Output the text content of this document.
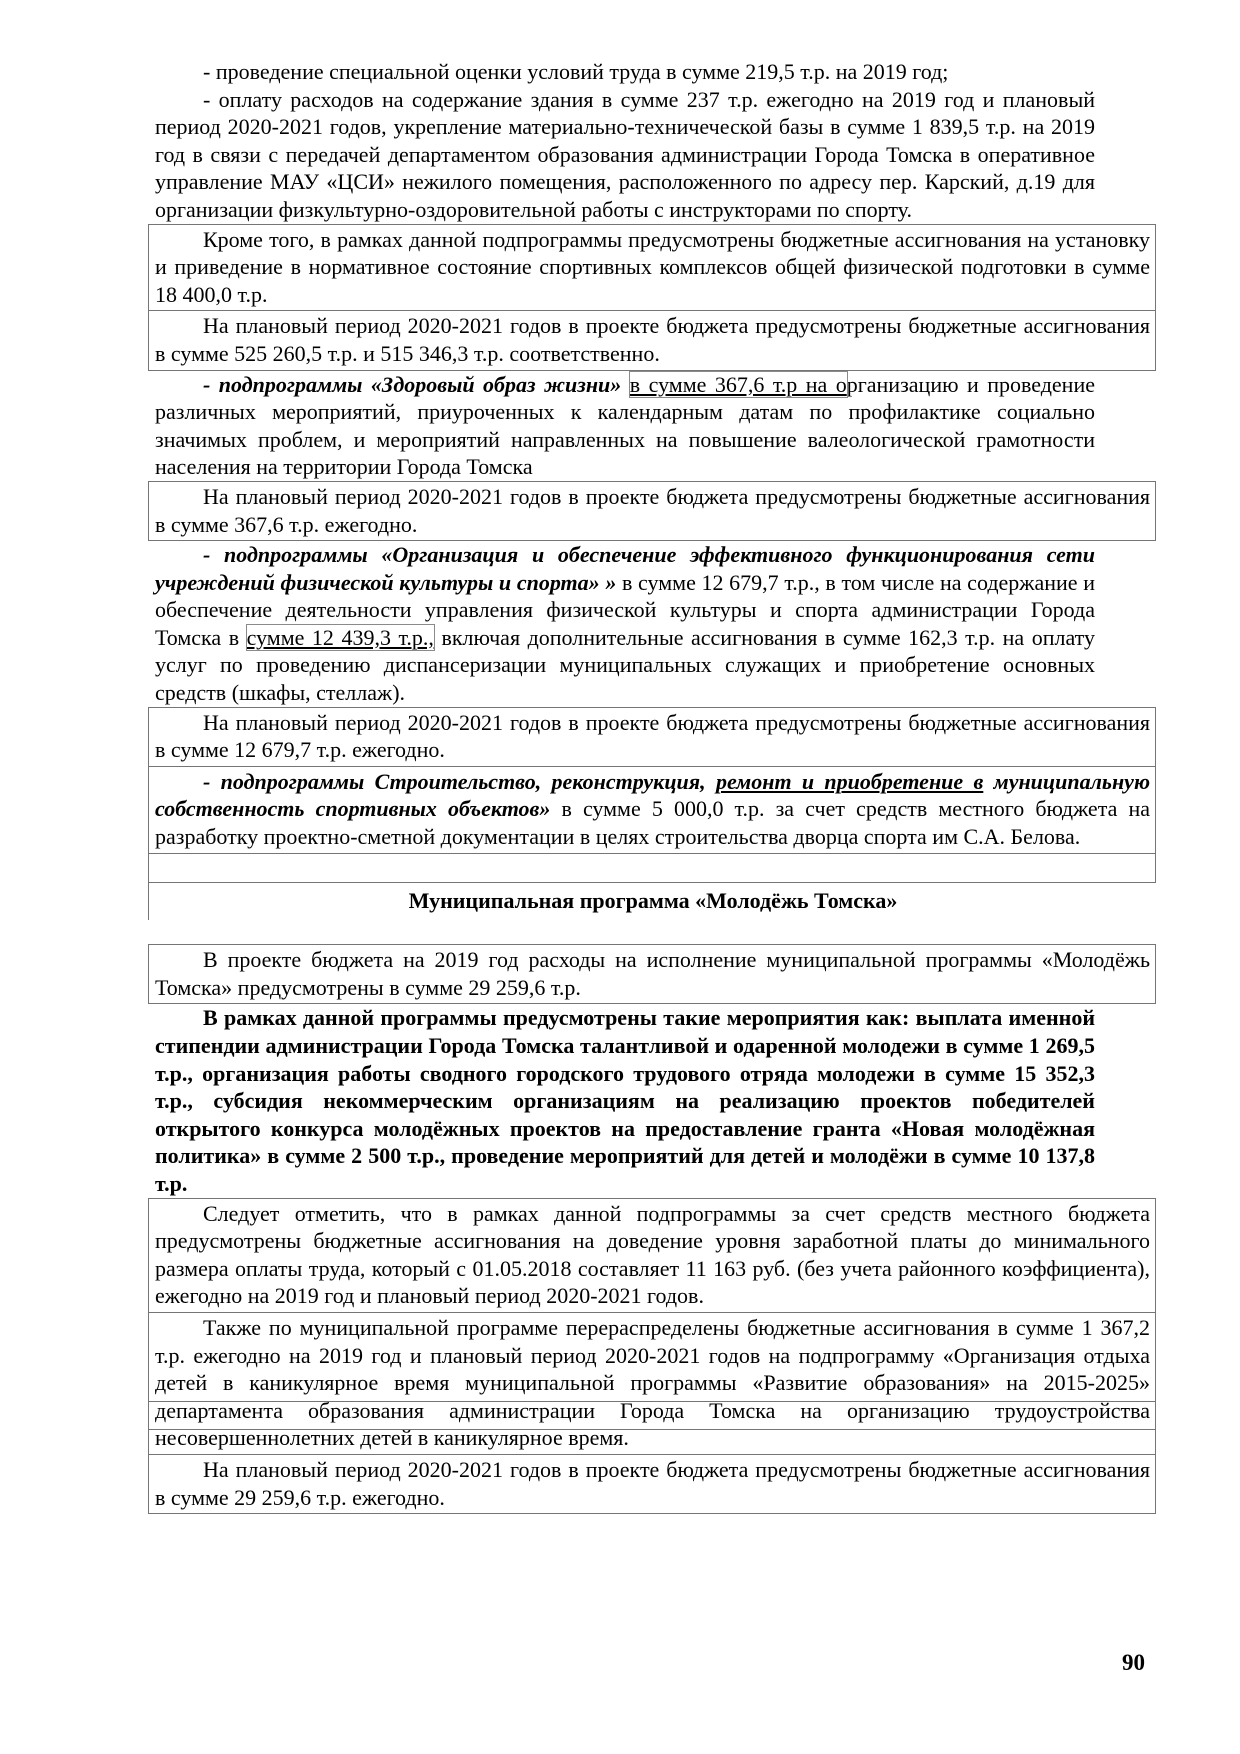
- проведение специальной оценки условий труда в сумме 219,5 т.р. на 2019 год;

- оплату расходов на содержание здания в сумме 237 т.р. ежегодно на 2019 год и плановый период 2020-2021 годов, укрепление материально-техничеческой базы в сумме 1 839,5 т.р. на 2019 год в связи с передачей департаментом образования администрации Города Томска в оперативное управление МАУ «ЦСИ» нежилого помещения, расположенного по адресу пер. Карский, д.19 для организации физкультурно-оздоровительной работы с инструкторами по спорту.

Кроме того, в рамках данной подпрограммы предусмотрены бюджетные ассигнования на установку и приведение в нормативное состояние спортивных комплексов общей физической подготовки в сумме 18 400,0 т.р.

На плановый период 2020-2021 годов в проекте бюджета предусмотрены бюджетные ассигнования в сумме 525 260,5 т.р. и 515 346,3 т.р. соответственно.

- подпрограммы «Здоровый образ жизни» в сумме 367,6 т.р на организацию и проведение различных мероприятий, приуроченных к календарным датам по профилактике социально значимых проблем, и мероприятий направленных на повышение валеологической грамотности населения на территории Города Томска

На плановый период 2020-2021 годов в проекте бюджета предусмотрены бюджетные ассигнования в сумме 367,6 т.р. ежегодно.

- подпрограммы «Организация и обеспечение эффективного функционирования сети учреждений физической культуры и спорта» » в сумме 12 679,7 т.р., в том числе на содержание и обеспечение деятельности управления физической культуры и спорта администрации Города Томска в сумме 12 439,3 т.р., включая дополнительные ассигнования в сумме 162,3 т.р. на оплату услуг по проведению диспансеризации муниципальных служащих и приобретение основных средств (шкафы, стеллаж).

На плановый период 2020-2021 годов в проекте бюджета предусмотрены бюджетные ассигнования в сумме 12 679,7 т.р. ежегодно.

- подпрограммы Строительство, реконструкция, ремонт и приобретение в муниципальную собственность спортивных объектов» в сумме 5 000,0 т.р. за счет средств местного бюджета на разработку проектно-сметной документации в целях строительства дворца спорта им С.А. Белова.

Муниципальная программа «Молодёжь Томска»

В проекте бюджета на 2019 год расходы на исполнение муниципальной программы «Молодёжь Томска» предусмотрены в сумме 29 259,6 т.р.

В рамках данной программы предусмотрены такие мероприятия как: выплата именной стипендии администрации Города Томска талантливой и одаренной молодежи в сумме 1 269,5 т.р., организация работы сводного городского трудового отряда молодежи в сумме 15 352,3 т.р., субсидия некоммерческим организациям на реализацию проектов победителей открытого конкурса молодёжных проектов на предоставление гранта «Новая молодёжная политика» в сумме 2 500 т.р., проведение мероприятий для детей и молодёжи в сумме 10 137,8 т.р.

Следует отметить, что в рамках данной подпрограммы за счет средств местного бюджета предусмотрены бюджетные ассигнования на доведение уровня заработной платы до минимального размера оплаты труда, который с 01.05.2018 составляет 11 163 руб. (без учета районного коэффициента), ежегодно на 2019 год и плановый период 2020-2021 годов.

Также по муниципальной программе перераспределены бюджетные ассигнования в сумме 1 367,2 т.р. ежегодно на 2019 год и плановый период 2020-2021 годов на подпрограмму «Организация отдыха детей в каникулярное время муниципальной программы «Развитие образования» на 2015-2025» департамента образования администрации Города Томска на организацию трудоустройства несовершеннолетних детей в каникулярное время.

На плановый период 2020-2021 годов в проекте бюджета предусмотрены бюджетные ассигнования в сумме 29 259,6 т.р. ежегодно.

90
